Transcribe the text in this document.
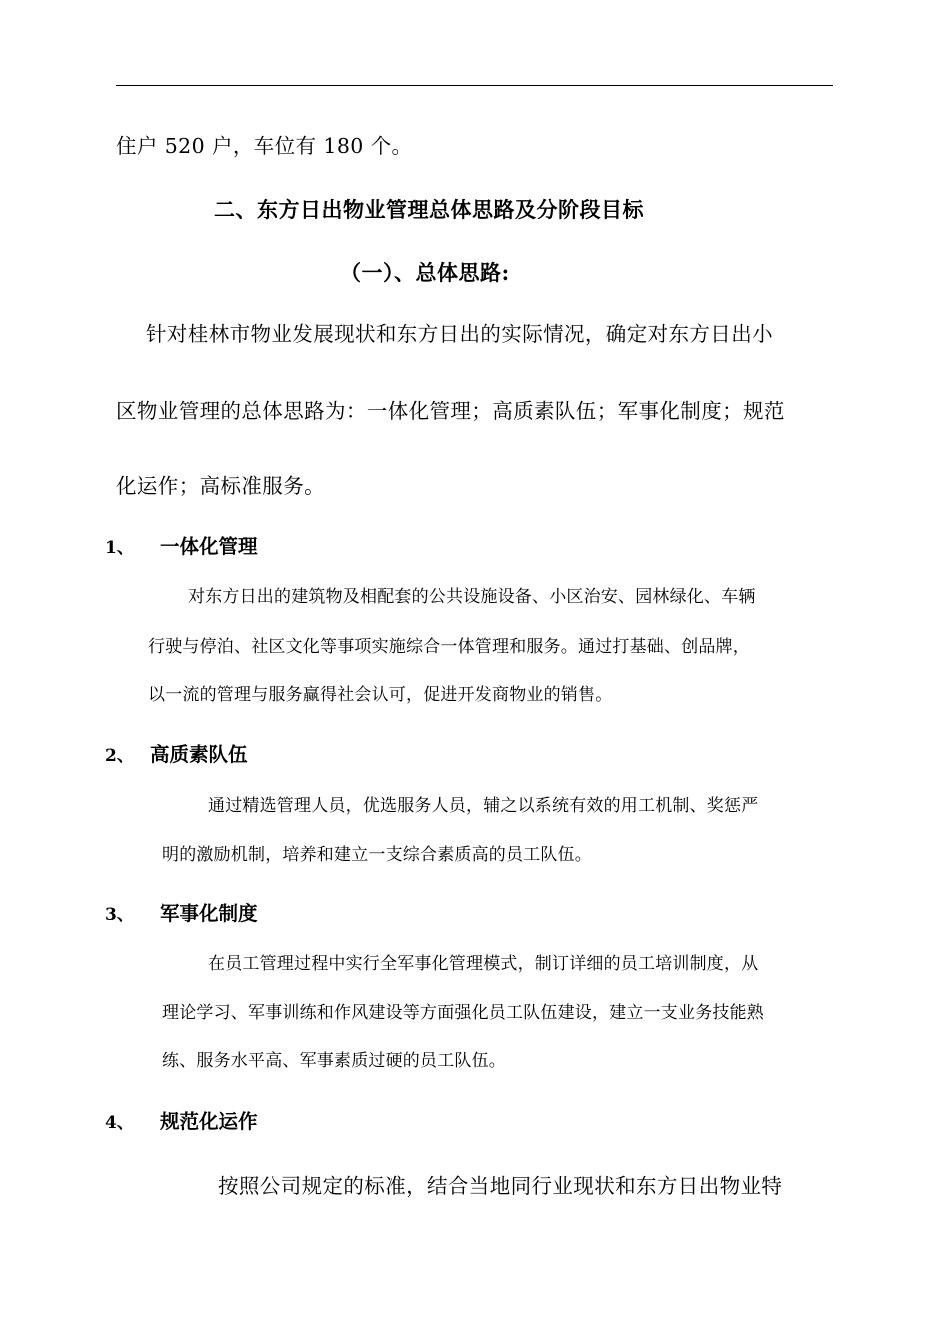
住户 520 户，车位有 180 个。
二、东方日出物业管理总体思路及分阶段目标
（一）、总体思路:
针对桂林市物业发展现状和东方日出的实际情况，确定对东方日出小
区物业管理的总体思路为：一体化管理；高质素队伍；军事化制度；规范
化运作；高标准服务。
1、 一体化管理
对东方日出的建筑物及相配套的公共设施设备、小区治安、园林绿化、车辆
行驶与停泊、社区文化等事项实施综合一体管理和服务。通过打基础、创品牌，
以一流的管理与服务赢得社会认可，促进开发商物业的销售。
2、 高质素队伍
通过精选管理人员，优选服务人员，辅之以系统有效的用工机制、奖惩严
明的激励机制，培养和建立一支综合素质高的员工队伍。
3、 军事化制度
在员工管理过程中实行全军事化管理模式，制订详细的员工培训制度，从
理论学习、军事训练和作风建设等方面强化员工队伍建设，建立一支业务技能熟
练、服务水平高、军事素质过硬的员工队伍。
4、 规范化运作
按照公司规定的标准，结合当地同行业现状和东方日出物业特
